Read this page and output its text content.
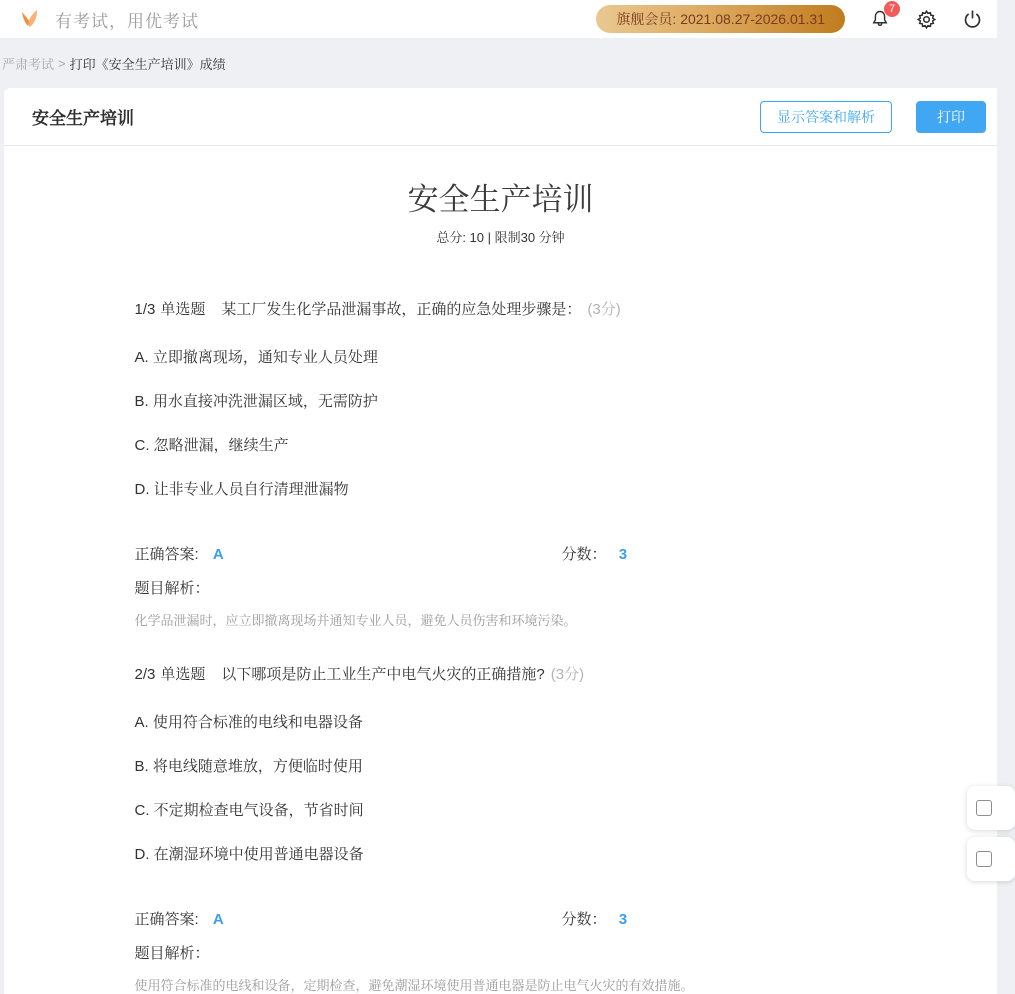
有考试，用优考试	旗舰会员: 2021.08.27-2026.01.31
7
严肃考试 > 打印《安全生产培训》成绩
安全生产培训	显示答案和解析	打印
安全生产培训
总分: 10 | 限制30 分钟
1/3 单选题 某工厂发生化学品泄漏事故，正确的应急处理步骤是： (3分)
A. 立即撤离现场，通知专业人员处理
B. 用水直接冲洗泄漏区域，无需防护
C. 忽略泄漏，继续生产
D. 让非专业人员自行清理泄漏物
正确答案: A	分数： 3
题目解析：
化学品泄漏时，应立即撤离现场并通知专业人员，避免人员伤害和环境污染。
2/3 单选题 以下哪项是防止工业生产中电气火灾的正确措施? (3分)
A. 使用符合标准的电线和电器设备
B. 将电线随意堆放，方便临时使用
C. 不定期检查电气设备，节省时间
D. 在潮湿环境中使用普通电器设备
正确答案: A	分数： 3
题目解析：
使用符合标准的电线和设备，定期检查，避免潮湿环境使用普通电器是防止电气火灾的有效措施。
